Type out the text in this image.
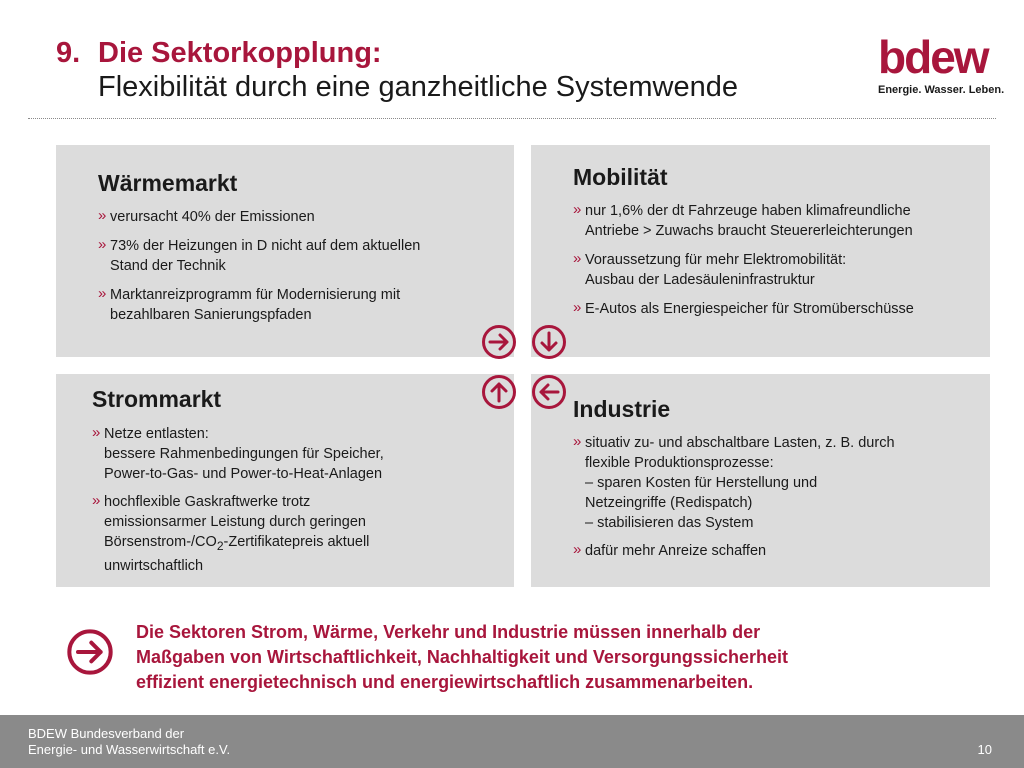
9. Die Sektorkopplung:
Flexibilität durch eine ganzheitliche Systemwende
bdew
Energie. Wasser. Leben.
Wärmemarkt
» verursacht 40% der Emissionen
» 73% der Heizungen in D nicht auf dem aktuellen
Stand der Technik
» Marktanreizprogramm für Modernisierung mit
bezahlbaren Sanierungspfaden
Mobilität
» nur 1,6% der dt Fahrzeuge haben klimafreundliche
Antriebe > Zuwachs braucht Steuererleichterungen
» Voraussetzung für mehr Elektromobilität:
Ausbau der Ladesäuleninfrastruktur
» E-Autos als Energiespeicher für Stromüberschüsse
Strommarkt
» Netze entlasten:
bessere Rahmenbedingungen für Speicher,
Power-to-Gas- und Power-to-Heat-Anlagen
» hochflexible Gaskraftwerke trotz
emissionsarmer Leistung durch geringen
Börsenstrom-$/CO_2$-Zertifikatepreis aktuell
unwirtschaftlich
Industrie
» situativ zu- und abschaltbare Lasten, z. B. durch
flexible Produktionsprozesse:
– sparen Kosten für Herstellung und
Netzeingriffe (Redispatch)
– stabilisieren das System
» dafür mehr Anreize schaffen
Die Sektoren Strom, Wärme, Verkehr und Industrie müssen innerhalb der
Maßgaben von Wirtschaftlichkeit, Nachhaltigkeit und Versorgungssicherheit
effizient energietechnisch und energiewirtschaftlich zusammenarbeiten.
BDEW Bundesverband der
Energie- und Wasserwirtschaft e.V.	10
